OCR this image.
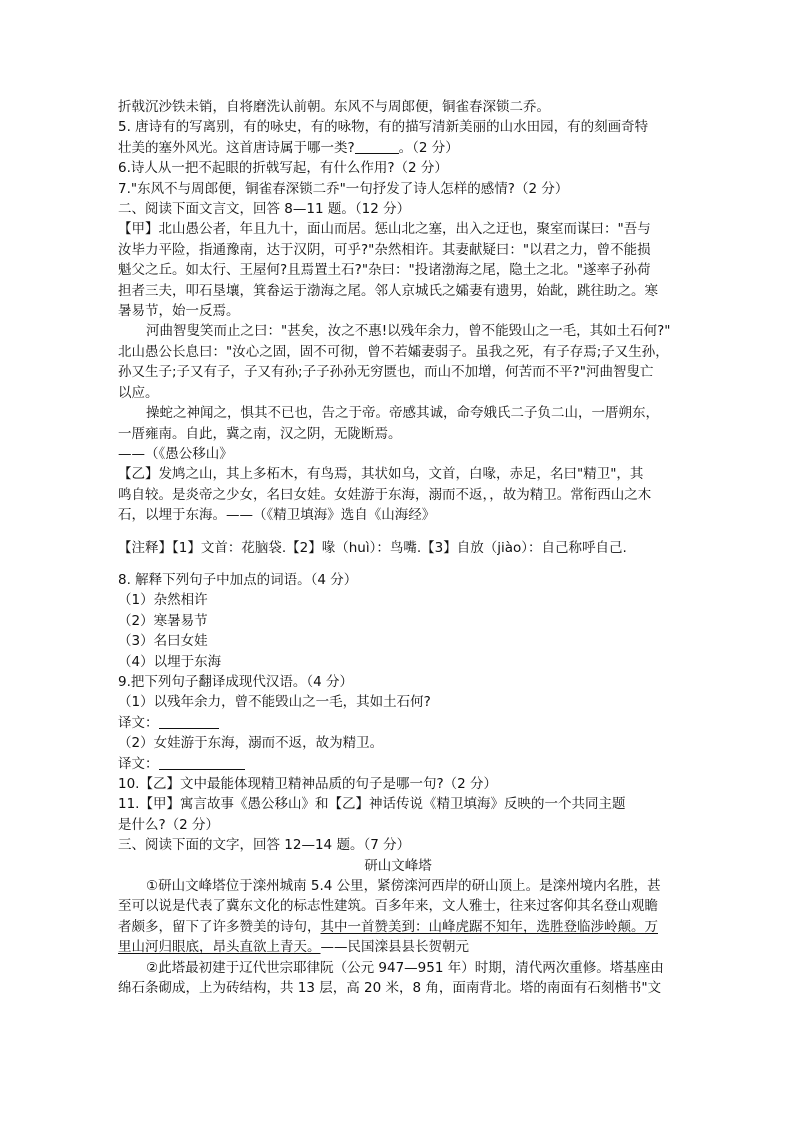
折戟沉沙铁未销，自将磨洗认前朝。东风不与周郎便，铜雀春深锁二乔。
5. 唐诗有的写离别，有的咏史，有的咏物，有的描写清新美丽的山水田园，有的刻画奇特
壮美的塞外风光。这首唐诗属于哪一类?	。（2 分）
6.诗人从一把不起眼的折戟写起，有什么作用?（2 分）
7."东风不与周郎便，铜雀春深锁二乔"一句抒发了诗人怎样的感情?（2 分）
二、阅读下面文言文，回答 8—11 题。（12 分）
【甲】北山愚公者，年且九十，面山而居。惩山北之塞，出入之迂也，聚室而谋曰："吾与
汝毕力平险，指通豫南，达于汉阴，可乎?"杂然相许。其妻献疑曰："以君之力，曾不能损
魁父之丘。如太行、王屋何?且焉置土石?"杂曰："投诸渤海之尾，隐土之北。"遂率子孙荷
担者三夫，叩石垦壤，箕畚运于渤海之尾。邻人京城氏之孀妻有遗男，始龀，跳往助之。寒
暑易节，始一反焉。
河曲智叟笑而止之曰："甚矣，汝之不惠!以残年余力，曾不能毁山之一毛，其如土石何?"
北山愚公长息曰："汝心之固，固不可彻，曾不若孀妻弱子。虽我之死，有子存焉;子又生孙，
孙又生子;子又有子，子又有孙;子子孙孙无穷匮也，而山不加增，何苦而不平?"河曲智叟亡
以应。
操蛇之神闻之，惧其不已也，告之于帝。帝感其诚，命夸娥氏二子负二山，一厝朔东，
一厝雍南。自此，冀之南，汉之阴，无陇断焉。
——（《愚公移山》
【乙】发鸠之山，其上多柘木，有鸟焉，其状如乌，文首，白喙，赤足，名曰"精卫"，其
鸣自较。是炎帝之少女，名曰女娃。女娃游于东海，溺而不返，，故为精卫。常衔西山之木
石，以埋于东海。——（《精卫填海》选自《山海经》
【注释】【1】文首：花脑袋.【2】喙（huì）：鸟嘴.【3】自放（jiào）：自己称呼自己.
8. 解释下列句子中加点的词语。（4 分）
（1）杂然相许
（2）寒暑易节
（3）名曰女娃
（4）以埋于东海
9.把下列句子翻译成现代汉语。（4 分）
（1）以残年余力，曾不能毁山之一毛，其如土石何?
译文：
（2）女娃游于东海，溺而不返，故为精卫。
译文：
10.【乙】文中最能体现精卫精神品质的句子是哪一句?（2 分）
11.【甲】寓言故事《愚公移山》和【乙】神话传说《精卫填海》反映的一个共同主题
是什么?（2 分）
三、阅读下面的文字，回答 12—14 题。（7 分）
研山文峰塔
①研山文峰塔位于滦州城南 5.4 公里，紧傍滦河西岸的研山顶上。是滦州境内名胜，甚
至可以说是代表了冀东文化的标志性建筑。百多年来，文人雅士，往来过客仰其名登山观瞻
者颇多，留下了许多赞美的诗句，其中一首赞美到：山峰虎踞不知年，选胜登临涉岭颠。万
里山河归眼底，昂头直欲上青天。——民国滦县县长贺朝元
②此塔最初建于辽代世宗耶律阮（公元 947—951 年）时期，清代两次重修。塔基座由
绵石条砌成，上为砖结构，共 13 层，高 20 米，8 角，面南背北。塔的南面有石刻楷书"文
